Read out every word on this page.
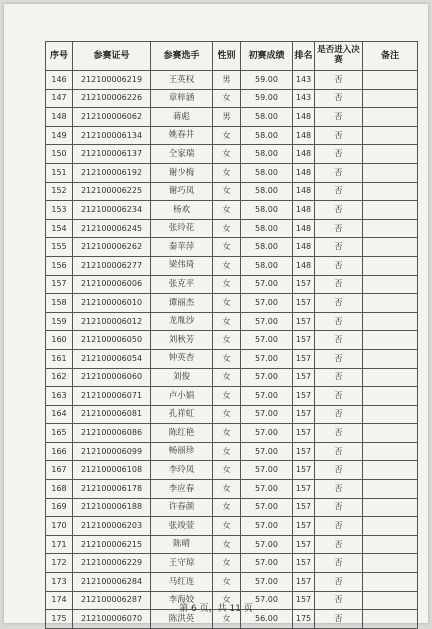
序号	参赛证号	参赛选手	性别	初赛成绩	排名	是否进入决赛	备注
146	212100006219	王英权	男	59.00	143	否	
147	212100006226	章梓涵	女	59.00	143	否	
148	212100006062	蒋彪	男	58.00	148	否	
149	212100006134	姚春井	女	58.00	148	否	
150	212100006137	仝家瑞	女	58.00	148	否	
151	212100006192	谢少梅	女	58.00	148	否	
152	212100006225	谢巧凤	女	58.00	148	否	
153	212100006234	杨欢	女	58.00	148	否	
154	212100006245	张玲花	女	58.00	148	否	
155	212100006262	秦苹萍	女	58.00	148	否	
156	212100006277	梁伟琦	女	58.00	148	否	
157	212100006006	张克平	女	57.00	157	否	
158	212100006010	谭丽杰	女	57.00	157	否	
159	212100006012	龙胤沙	女	57.00	157	否	
160	212100006050	刘秋芳	女	57.00	157	否	
161	212100006054	钟英杏	女	57.00	157	否	
162	212100006060	刘俊	女	57.00	157	否	
163	212100006071	卢小娟	女	57.00	157	否	
164	212100006081	孔祥虹	女	57.00	157	否	
165	212100006086	陈红艳	女	57.00	157	否	
166	212100006099	畅丽珍	女	57.00	157	否	
167	212100006108	李玲凤	女	57.00	157	否	
168	212100006178	李应春	女	57.00	157	否	
169	212100006188	许春颜	女	57.00	157	否	
170	212100006203	张竣萱	女	57.00	157	否	
171	212100006215	陈晴	女	57.00	157	否	
172	212100006229	王守琼	女	57.00	157	否	
173	212100006284	马红连	女	57.00	157	否	
174	212100006287	李海姣	女	57.00	157	否	
175	212100006070	陈洪英	女	56.00	175	否	
第 6 页，共 11 页
